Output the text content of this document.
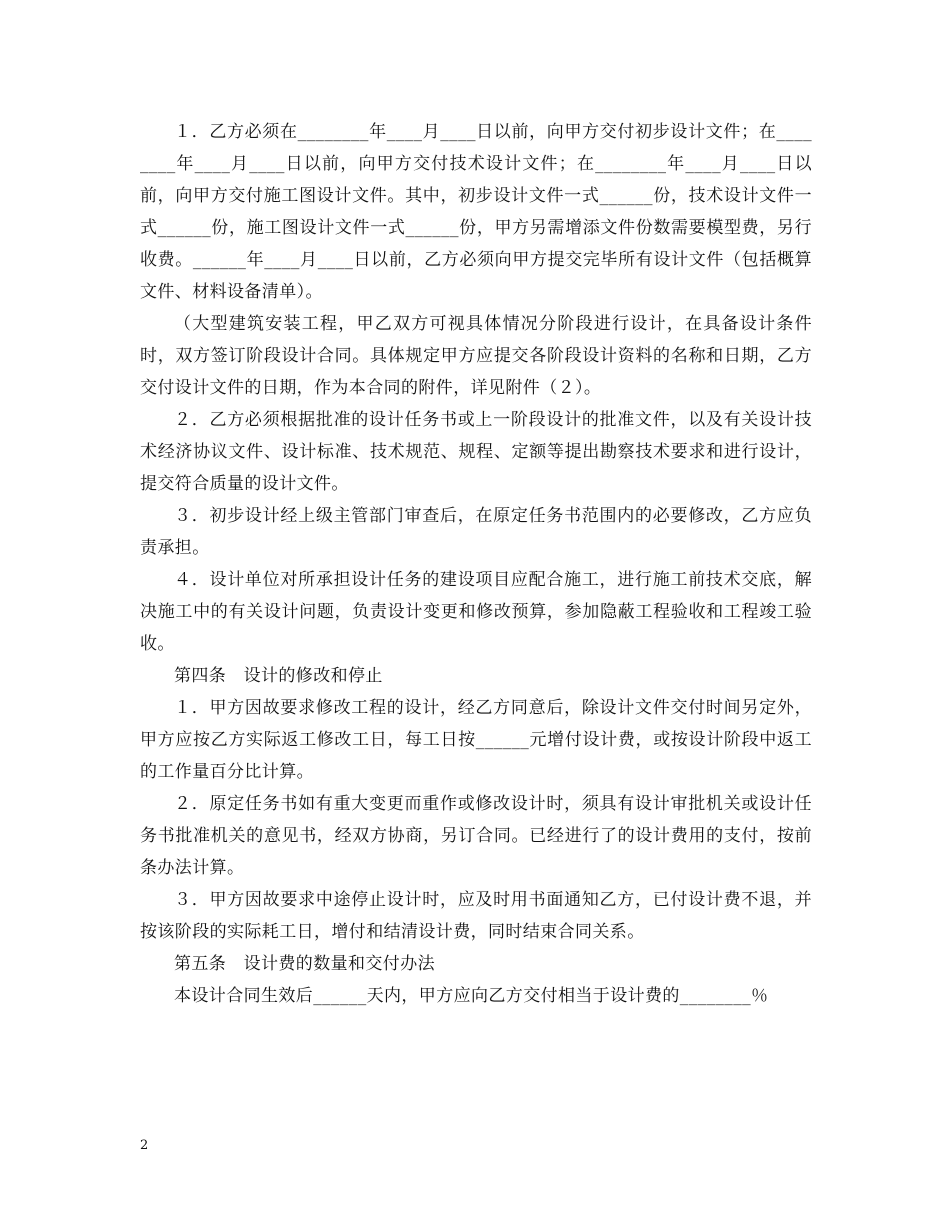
１．乙方必须在________年____月____日以前，向甲方交付初步设计文件；在________年____月____日以前，向甲方交付技术设计文件；在________年____月____日以前，向甲方交付施工图设计文件。其中，初步设计文件一式______份，技术设计文件一式______份，施工图设计文件一式______份，甲方另需增添文件份数需要模型费，另行收费。______年____月____日以前，乙方必须向甲方提交完毕所有设计文件（包括概算文件、材料设备清单）。

（大型建筑安装工程，甲乙双方可视具体情况分阶段进行设计，在具备设计条件时，双方签订阶段设计合同。具体规定甲方应提交各阶段设计资料的名称和日期，乙方交付设计文件的日期，作为本合同的附件，详见附件（２）。

２．乙方必须根据批准的设计任务书或上一阶段设计的批准文件，以及有关设计技术经济协议文件、设计标准、技术规范、规程、定额等提出勘察技术要求和进行设计，提交符合质量的设计文件。

３．初步设计经上级主管部门审查后，在原定任务书范围内的必要修改，乙方应负责承担。

４．设计单位对所承担设计任务的建设项目应配合施工，进行施工前技术交底，解决施工中的有关设计问题，负责设计变更和修改预算，参加隐蔽工程验收和工程竣工验收。

第四条　设计的修改和停止

１．甲方因故要求修改工程的设计，经乙方同意后，除设计文件交付时间另定外，甲方应按乙方实际返工修改工日，每工日按______元增付设计费，或按设计阶段中返工的工作量百分比计算。

２．原定任务书如有重大变更而重作或修改设计时，须具有设计审批机关或设计任务书批准机关的意见书，经双方协商，另订合同。已经进行了的设计费用的支付，按前条办法计算。

３．甲方因故要求中途停止设计时，应及时用书面通知乙方，已付设计费不退，并按该阶段的实际耗工日，增付和结清设计费，同时结束合同关系。

第五条　设计费的数量和交付办法

本设计合同生效后______天内，甲方应向乙方交付相当于设计费的________％

2
